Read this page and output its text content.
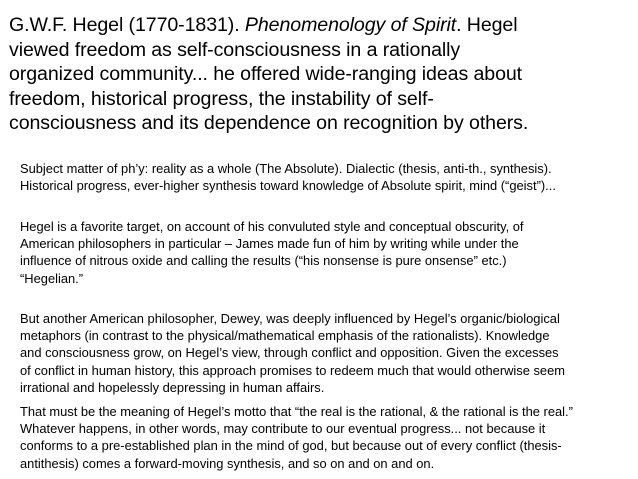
G.W.F. Hegel (1770-1831). Phenomenology of Spirit. Hegel
viewed freedom as self-consciousness in a rationally
organized community... he offered wide-ranging ideas about
freedom, historical progress, the instability of self-
consciousness and its dependence on recognition by others.
Subject matter of ph’y: reality as a whole (The Absolute). Dialectic (thesis, anti-th., synthesis).
Historical progress, ever-higher synthesis toward knowledge of Absolute spirit, mind (“geist”)...
Hegel is a favorite target, on account of his convuluted style and conceptual obscurity, of
American philosophers in particular – James made fun of him by writing while under the
influence of nitrous oxide and calling the results (“his nonsense is pure onsense” etc.)
“Hegelian.”
But another American philosopher, Dewey, was deeply influenced by Hegel’s organic/biological
metaphors (in contrast to the physical/mathematical emphasis of the rationalists). Knowledge
and consciousness grow, on Hegel’s view, through conflict and opposition. Given the excesses
of conflict in human history, this approach promises to redeem much that would otherwise seem
irrational and hopelessly depressing in human affairs.
That must be the meaning of Hegel’s motto that “the real is the rational, & the rational is the real.”
Whatever happens, in other words, may contribute to our eventual progress... not because it
conforms to a pre-established plan in the mind of god, but because out of every conflict (thesis-
antithesis) comes a forward-moving synthesis, and so on and on and on.
